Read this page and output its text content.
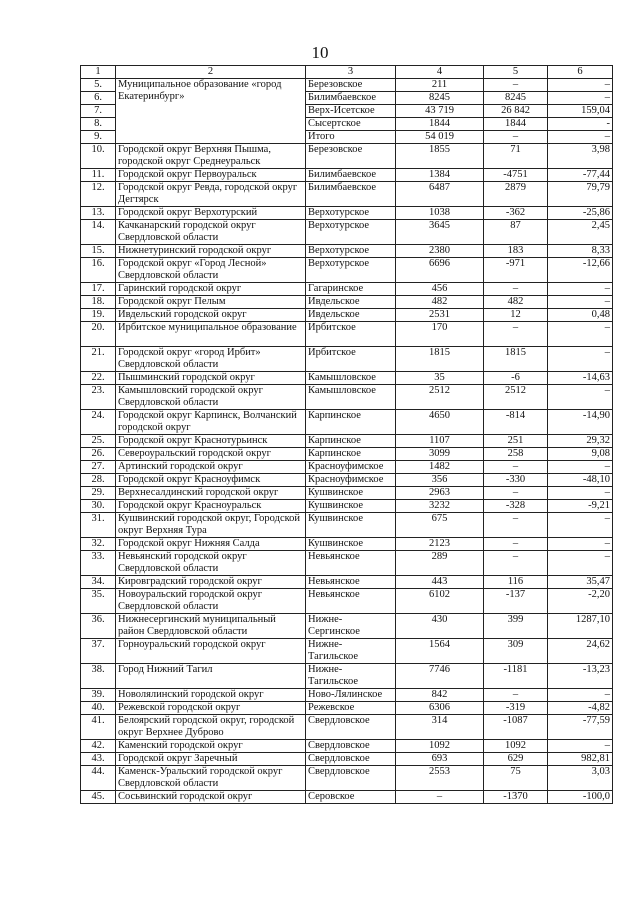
10
1	2	3	4	5	6
5.	Муниципальное образование «город Екатеринбург»	Березовское	211	–	–
6.		Билимбаевское	8245	8245	–
7.		Верх-Исетское	43 719	26 842	159,04
8.		Сысертское	1844	1844	-
9.		Итого	54 019	–	–
10.	Городской округ Верхняя Пышма, городской округ Среднеуральск	Березовское	1855	71	3,98
11.	Городской округ Первоуральск	Билимбаевское	1384	-4751	-77,44
12.	Городской округ Ревда, городской округ Дегтярск	Билимбаевское	6487	2879	79,79
13.	Городской округ Верхотурский	Верхотурское	1038	-362	-25,86
14.	Качканарский городской округ Свердловской области	Верхотурское	3645	87	2,45
15.	Нижнетуринский городской округ	Верхотурское	2380	183	8,33
16.	Городской округ «Город Лесной» Свердловской области	Верхотурское	6696	-971	-12,66
17.	Гаринский городской округ	Гагаринское	456	–	–
18.	Городской округ Пелым	Ивдельское	482	482	–
19.	Ивдельский городской округ	Ивдельское	2531	12	0,48
20.	Ирбитское муниципальное образование	Ирбитское	170	–	–
21.	Городской округ «город Ирбит» Свердловской области	Ирбитское	1815	1815	–
22.	Пышминский городской округ	Камышловское	35	-6	-14,63
23.	Камышловский городской округ Свердловской области	Камышловское	2512	2512	–
24.	Городской округ Карпинск, Волчанский городской округ	Карпинское	4650	-814	-14,90
25.	Городской округ Краснотурьинск	Карпинское	1107	251	29,32
26.	Североуральский городской округ	Карпинское	3099	258	9,08
27.	Артинский городской округ	Красноуфимское	1482	–	–
28.	Городской округ Красноуфимск	Красноуфимское	356	-330	-48,10
29.	Верхнесалдинский городской округ	Кушвинское	2963	–	–
30.	Городской округ Красноуральск	Кушвинское	3232	-328	-9,21
31.	Кушвинский городской округ, Городской округ Верхняя Тура	Кушвинское	675	–	–
32.	Городской округ Нижняя Салда	Кушвинское	2123	–	–
33.	Невьянский городской округ Свердловской области	Невьянское	289	–	–
34.	Кировградский городской округ	Невьянское	443	116	35,47
35.	Новоуральский городской округ Свердловской области	Невьянское	6102	-137	-2,20
36.	Нижнесергинский муниципальный район Свердловской области	Нижне- Сергинское	430	399	1287,10
37.	Горноуральский городской округ	Нижне- Тагильское	1564	309	24,62
38.	Город Нижний Тагил	Нижне- Тагильское	7746	-1181	-13,23
39.	Новолялинский городской округ	Ново-Лялинское	842	–	–
40.	Режевской городской округ	Режевское	6306	-319	-4,82
41.	Белоярский городской округ, городской округ Верхнее Дуброво	Свердловское	314	-1087	-77,59
42.	Каменский городской округ	Свердловское	1092	1092	–
43.	Городской округ Заречный	Свердловское	693	629	982,81
44.	Каменск-Уральский городской округ Свердловской области	Свердловское	2553	75	3,03
45.	Сосьвинский городской округ	Серовское	–	-1370	-100,0
